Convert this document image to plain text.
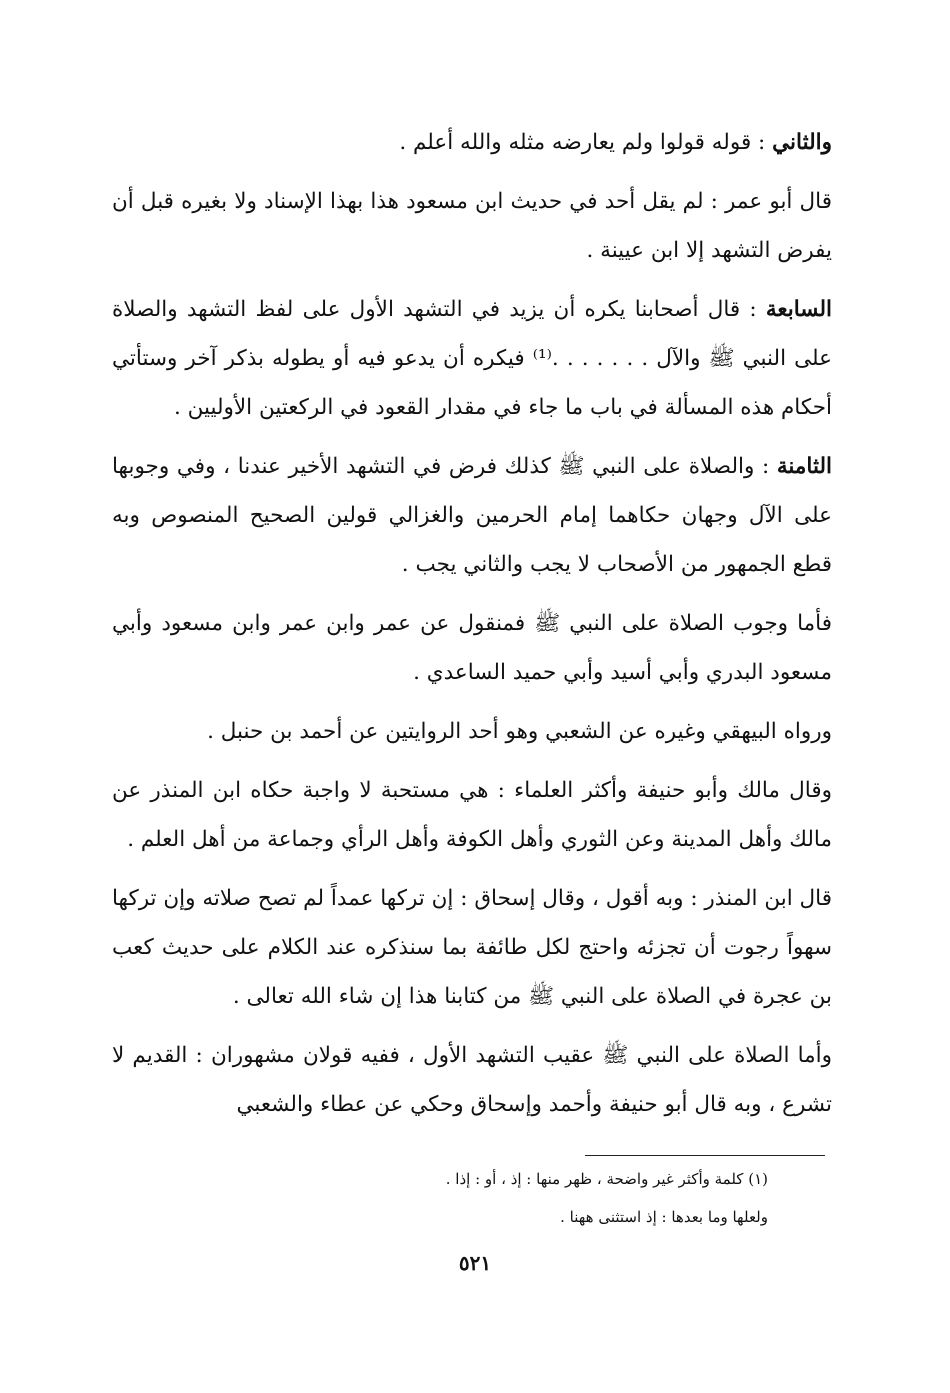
والثاني : قوله قولوا ولم يعارضه مثله والله أعلم .

قال أبو عمر : لم يقل أحد في حديث ابن مسعود هذا بهذا الإسناد ولا بغيره قبل أن يفرض التشهد إلا ابن عيينة .

السابعة : قال أصحابنا يكره أن يزيد في التشهد الأول على لفظ التشهد والصلاة على النبي ﷺ والآل . . . . . . .⁽¹⁾ فيكره أن يدعو فيه أو يطوله بذكر آخر وستأتي أحكام هذه المسألة في باب ما جاء في مقدار القعود في الركعتين الأوليين .

الثامنة : والصلاة على النبي ﷺ كذلك فرض في التشهد الأخير عندنا ، وفي وجوبها على الآل وجهان حكاهما إمام الحرمين والغزالي قولين الصحيح المنصوص وبه قطع الجمهور من الأصحاب لا يجب والثاني يجب .

فأما وجوب الصلاة على النبي ﷺ فمنقول عن عمر وابن عمر وابن مسعود وأبي مسعود البدري وأبي أسيد وأبي حميد الساعدي .

ورواه البيهقي وغيره عن الشعبي وهو أحد الروايتين عن أحمد بن حنبل .

وقال مالك وأبو حنيفة وأكثر العلماء : هي مستحبة لا واجبة حكاه ابن المنذر عن مالك وأهل المدينة وعن الثوري وأهل الكوفة وأهل الرأي وجماعة من أهل العلم .

قال ابن المنذر : وبه أقول ، وقال إسحاق : إن تركها عمداً لم تصح صلاته وإن تركها سهواً رجوت أن تجزئه واحتج لكل طائفة بما سنذكره عند الكلام على حديث كعب بن عجرة في الصلاة على النبي ﷺ من كتابنا هذا إن شاء الله تعالى .

وأما الصلاة على النبي ﷺ عقيب التشهد الأول ، ففيه قولان مشهوران : القديم لا تشرع ، وبه قال أبو حنيفة وأحمد وإسحاق وحكي عن عطاء والشعبي

(١) كلمة وأكثر غير واضحة ، ظهر منها : إذ ، أو : إذا .

ولعلها وما بعدها : إذ استثنى ههنا .

٥٢١
